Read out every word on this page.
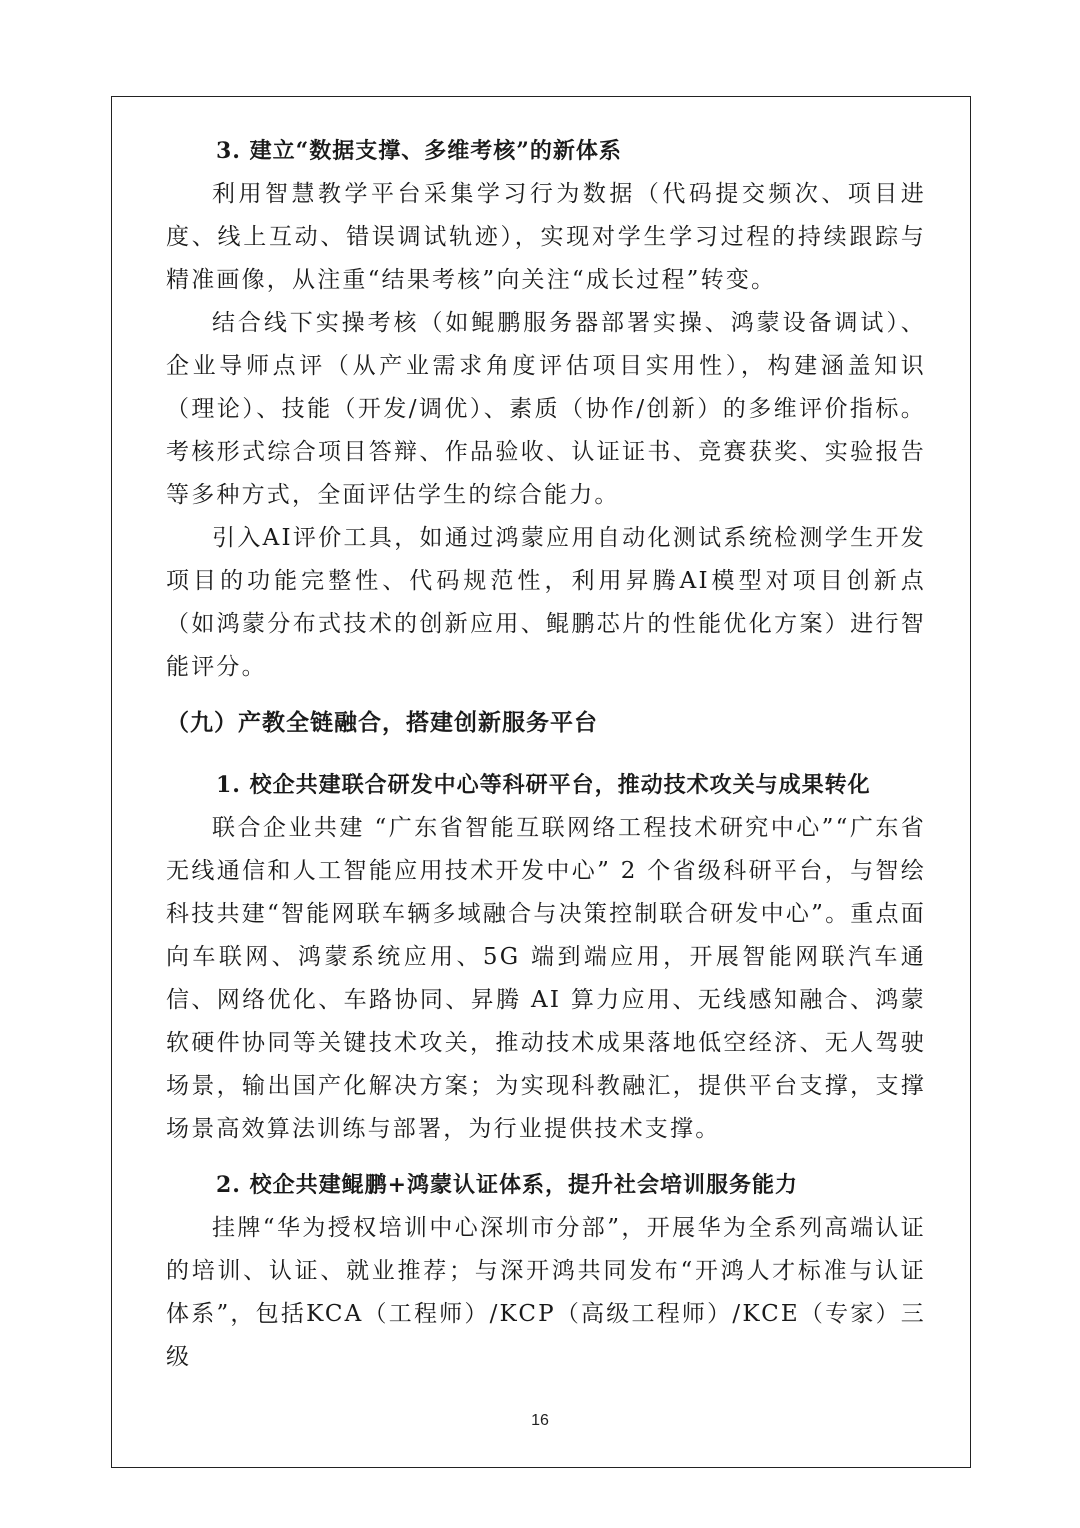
3. 建立“数据支撑、多维考核”的新体系

利用智慧教学平台采集学习行为数据（代码提交频次、项目进度、线上互动、错误调试轨迹），实现对学生学习过程的持续跟踪与精准画像，从注重“结果考核”向关注“成长过程”转变。

结合线下实操考核（如鲲鹏服务器部署实操、鸿蒙设备调试）、企业导师点评（从产业需求角度评估项目实用性），构建涵盖知识（理论）、技能（开发/调优）、素质（协作/创新）的多维评价指标。考核形式综合项目答辩、作品验收、认证证书、竞赛获奖、实验报告等多种方式，全面评估学生的综合能力。

引入AI评价工具，如通过鸿蒙应用自动化测试系统检测学生开发项目的功能完整性、代码规范性，利用昇腾AI模型对项目创新点（如鸿蒙分布式技术的创新应用、鲲鹏芯片的性能优化方案）进行智能评分。

（九）产教全链融合，搭建创新服务平台
1. 校企共建联合研发中心等科研平台，推动技术攻关与成果转化

联合企业共建 “广东省智能互联网络工程技术研究中心”“广东省无线通信和人工智能应用技术开发中心” 2 个省级科研平台，与智绘科技共建“智能网联车辆多域融合与决策控制联合研发中心”。重点面向车联网、鸿蒙系统应用、5G 端到端应用，开展智能网联汽车通信、网络优化、车路协同、昇腾 AI 算力应用、无线感知融合、鸿蒙软硬件协同等关键技术攻关，推动技术成果落地低空经济、无人驾驶场景，输出国产化解决方案；为实现科教融汇，提供平台支撑，支撑场景高效算法训练与部署，为行业提供技术支撑。

2. 校企共建鲲鹏+鸿蒙认证体系，提升社会培训服务能力

挂牌“华为授权培训中心深圳市分部”，开展华为全系列高端认证的培训、认证、就业推荐；与深开鸿共同发布“开鸿人才标准与认证体系”，包括KCA（工程师）/KCP（高级工程师）/KCE（专家）三级

16
